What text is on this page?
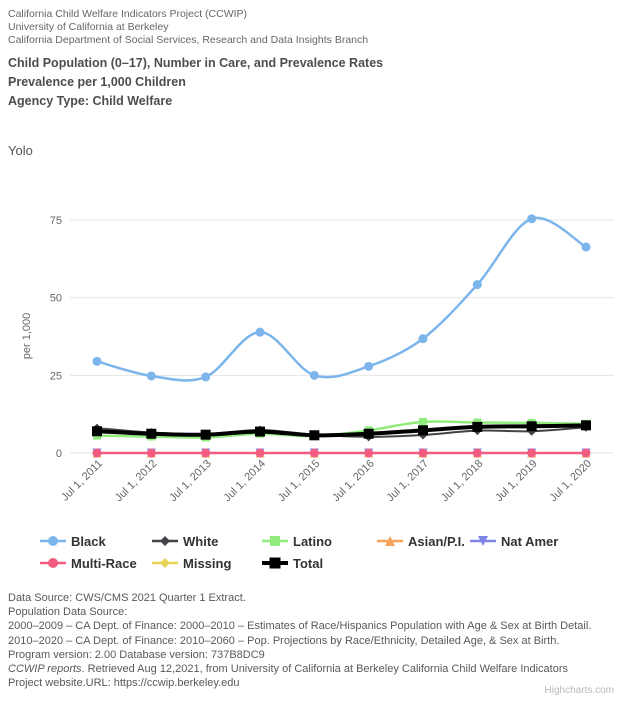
California Child Welfare Indicators Project (CCWIP)
University of California at Berkeley
California Department of Social Services, Research and Data Insights Branch
Child Population (0–17), Number in Care, and Prevalence Rates
Prevalence per 1,000 Children
Agency Type: Child Welfare
Yolo
0
25
50
75
per 1,000
Jul 1, 2011 Jul 1, 2012 Jul 1, 2013 Jul 1, 2014 Jul 1, 2015 Jul 1, 2016 Jul 1, 2017 Jul 1, 2018 Jul 1, 2019 Jul 1, 2020
Black	White	Latino	Asian/P.I.	Nat Amer
Multi-Race	Missing	Total
Data Source: CWS/CMS 2021 Quarter 1 Extract.
Population Data Source:
2000–2009 – CA Dept. of Finance: 2000–2010 – Estimates of Race/Hispanics Population with Age & Sex at Birth Detail.
2010–2020 – CA Dept. of Finance: 2010–2060 – Pop. Projections by Race/Ethnicity, Detailed Age, & Sex at Birth.
Program version: 2.00 Database version: 737B8DC9
CCWIP reports. Retrieved Aug 12,2021, from University of California at Berkeley California Child Welfare Indicators
Project website.URL: https://ccwip.berkeley.edu
Highcharts.com
